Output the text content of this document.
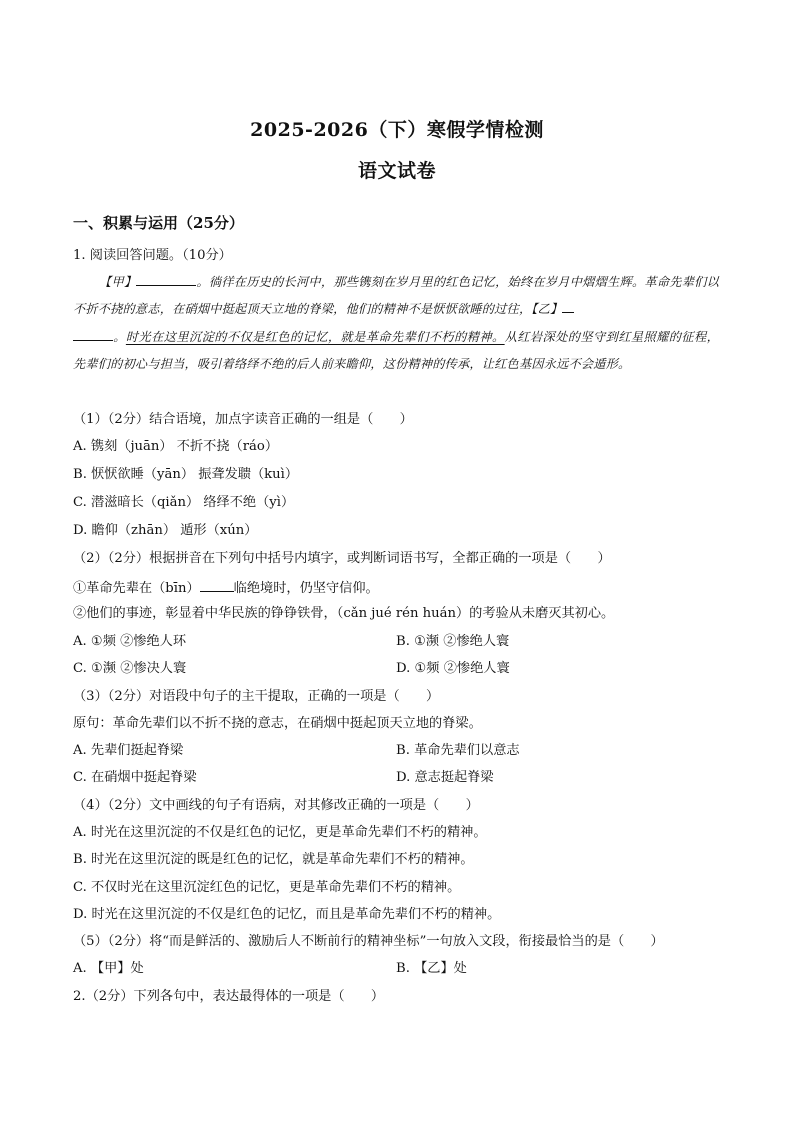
2025-2026（下）寒假学情检测
语文试卷
一、积累与运用（25分）
1. 阅读回答问题。（10分）
【甲】	。徜徉在历史的长河中，那些镌刻在岁月里的红色记忆，始终在岁月中熠熠生辉。革命先辈们以不折不挠的意志，在硝烟中挺起顶天立地的脊梁，他们的精神不是恹恹欲睡的过往，【乙】
。时光在这里沉淀的不仅是红色的记忆，就是革命先辈们不朽的精神。从红岩深处的坚守到红星照耀的征程，先辈们的初心与担当，吸引着络绎不绝的后人前来瞻仰，这份精神的传承，让红色基因永远不会遁形。
（1）（2分）结合语境，加点字读音正确的一组是（　　）
A. 镌刻（juān） 不折不挠（ráo）
B. 恹恹欲睡（yān） 振聋发聩（kuì）
C. 潜滋暗长（qiǎn） 络绎不绝（yì）
D. 瞻仰（zhān） 遁形（xún）
（2）（2分）根据拼音在下列句中括号内填字，或判断词语书写，全都正确的一项是（　　）
①革命先辈在（bīn）	临绝境时，仍坚守信仰。
②他们的事迹，彰显着中华民族的铮铮铁骨，（cǎn jué rén huán）的考验从未磨灭其初心。
A. ①频 ②惨绝人环	B. ①濒 ②惨绝人寰
C. ①濒 ②惨决人寰	D. ①频 ②惨绝人寰
（3）（2分）对语段中句子的主干提取，正确的一项是（　　）
原句：革命先辈们以不折不挠的意志，在硝烟中挺起顶天立地的脊梁。
A. 先辈们挺起脊梁	B. 革命先辈们以意志
C. 在硝烟中挺起脊梁	D. 意志挺起脊梁
（4）（2分）文中画线的句子有语病，对其修改正确的一项是（　　）
A. 时光在这里沉淀的不仅是红色的记忆，更是革命先辈们不朽的精神。
B. 时光在这里沉淀的既是红色的记忆，就是革命先辈们不朽的精神。
C. 不仅时光在这里沉淀红色的记忆，更是革命先辈们不朽的精神。
D. 时光在这里沉淀的不仅是红色的记忆，而且是革命先辈们不朽的精神。
（5）（2分）将“而是鲜活的、激励后人不断前行的精神坐标”一句放入文段，衔接最恰当的是（　　）
A. 【甲】处	B. 【乙】处
2.（2分）下列各句中，表达最得体的一项是（　　）
